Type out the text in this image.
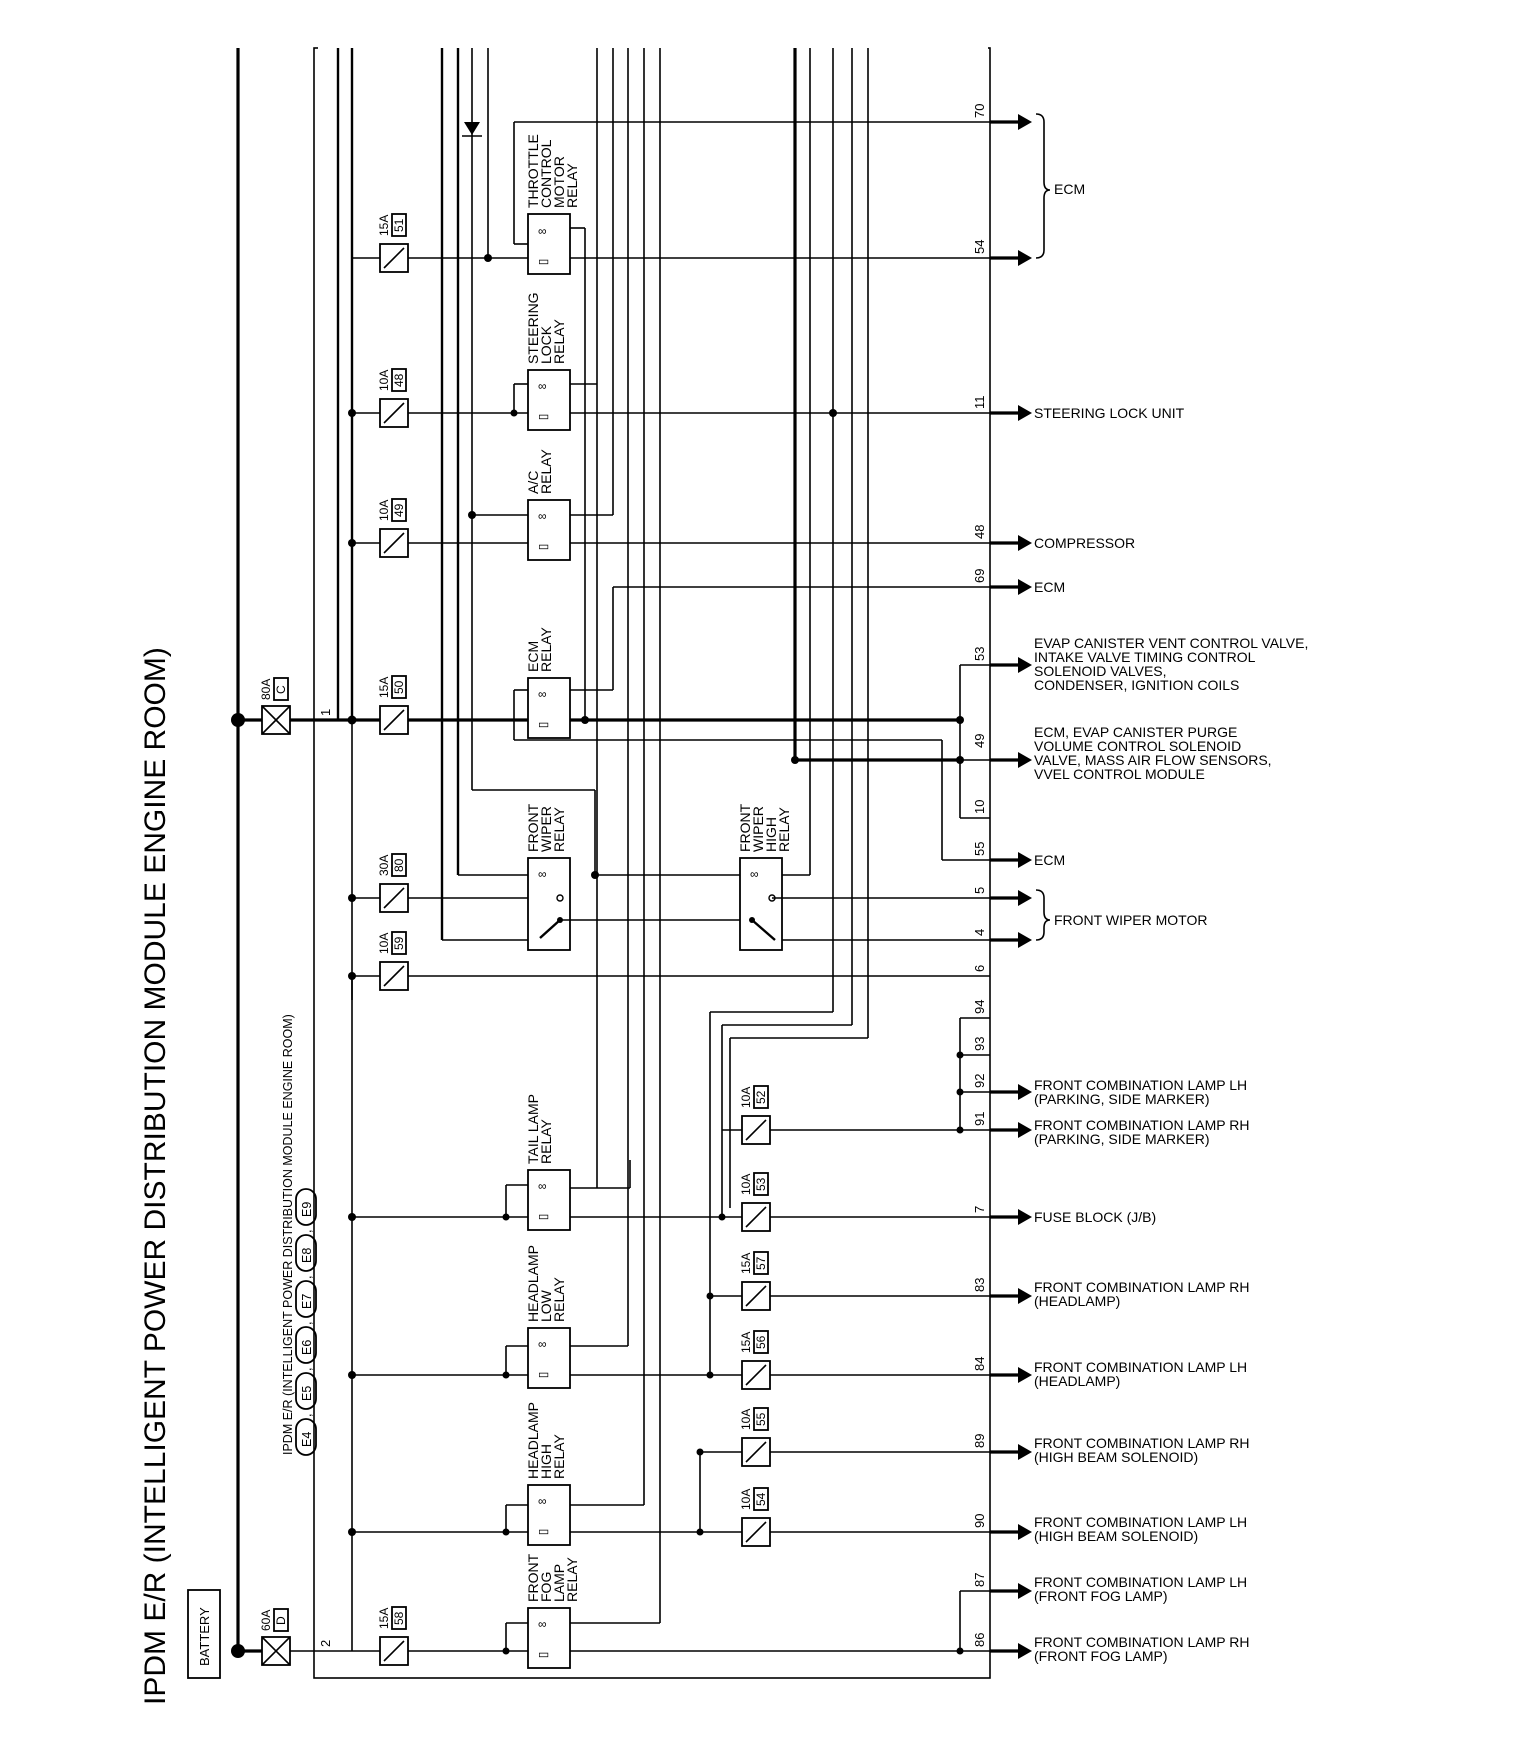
IPDM E/R (INTELLIGENT POWER DISTRIBUTION MODULE ENGINE ROOM)	IPDM E/R (INTELLIGENT POWER DISTRIBUTION MODULE ENGINE ROOM) E4
,
E5
,
E6
,
E7
,
E8
,
E9
BATTERY
80A C
1
60A D
2
15A 51	∞
▭
THROTTLE
CONTROL
MOTOR
RELAY
10A 48	∞
▭
STEERING
LOCK
RELAY
10A 49	∞
▭
A/C
RELAY
15A 50	∞
▭
ECM
RELAY
30A 80
∞
FRONT
WIPER
RELAY
∞
FRONT
WIPER
HIGH
RELAY
10A 59
10A 52
∞
▭
TAIL LAMP
RELAY
10A 53
15A 57
∞
▭
HEADLAMP
LOW
RELAY
15A 56
10A 55
∞
▭
HEADLAMP
HIGH
RELAY
10A 54
15A 58	∞
▭
FRONT
FOG
LAMP
RELAY
70
54
11
48
69
53
49
10
55
5
4
6
94
93
92
91
7
83
84
89
90
87
86
ECM
STEERING LOCK UNIT
COMPRESSOR
ECM
EVAP CANISTER VENT CONTROL VALVE,
INTAKE VALVE TIMING CONTROL
SOLENOID VALVES,
CONDENSER, IGNITION COILS
ECM, EVAP CANISTER PURGE
VOLUME CONTROL SOLENOID
VALVE, MASS AIR FLOW SENSORS,
VVEL CONTROL MODULE
ECM
FRONT WIPER MOTOR
FRONT COMBINATION LAMP LH
(PARKING, SIDE MARKER)
FRONT COMBINATION LAMP RH
(PARKING, SIDE MARKER)
FUSE BLOCK (J/B)
FRONT COMBINATION LAMP RH
(HEADLAMP)
FRONT COMBINATION LAMP LH
(HEADLAMP)
FRONT COMBINATION LAMP RH
(HIGH BEAM SOLENOID)
FRONT COMBINATION LAMP LH
(HIGH BEAM SOLENOID)
FRONT COMBINATION LAMP LH
(FRONT FOG LAMP)
FRONT COMBINATION LAMP RH
(FRONT FOG LAMP)
